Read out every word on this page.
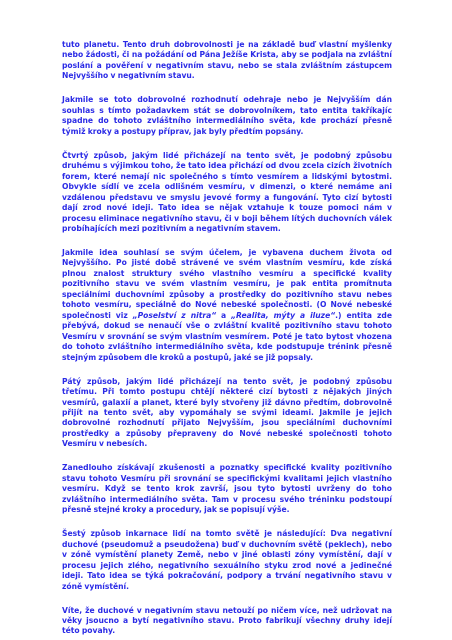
tuto planetu. Tento druh dobrovolnosti je na základě buď vlastní myšlenky nebo žádosti, či na požádání od Pána Ježíše Krista, aby se podjala na zvláštní poslání a pověření v negativním stavu, nebo se stala zvláštním zástupcem Nejvyššího v negativním stavu.

Jakmile se toto dobrovolné rozhodnutí odehraje nebo je Nejvyšším dán souhlas s tímto požadavkem stát se dobrovolníkem, tato entita takříkajíc spadne do tohoto zvláštního intermediálního světa, kde prochází přesně týmiž kroky a postupy příprav, jak byly předtím popsány.

Čtvrtý způsob, jakým lidé přicházejí na tento svět, je podobný způsobu druhému s výjimkou toho, že tato idea přichází od dvou zcela cizích životních forem, které nemají nic společného s tímto vesmírem a lidskými bytostmi. Obvykle sídlí ve zcela odlišném vesmíru, v dimenzi, o které nemáme ani vzdálenou představu ve smyslu jevové formy a fungování. Tyto cizí bytosti dají zrod nové ideji. Tato idea se nějak vztahuje k touze pomoci nám v procesu eliminace negativního stavu, či v boji během lítých duchovních válek probíhajících mezi pozitivním a negativním stavem.

Jakmile idea souhlasí se svým účelem, je vybavena duchem života od Nejvyššího. Po jisté době strávené ve svém vlastním vesmíru, kde získá plnou znalost struktury svého vlastního vesmíru a specifické kvality pozitivního stavu ve svém vlastním vesmíru, je pak entita promítnuta speciálními duchovními způsoby a prostředky do pozitivního stavu nebes tohoto vesmíru, speciálně do Nové nebeské společnosti. (O Nové nebeské společnosti viz „Poselství z nitra“ a „Realita, mýty a iluze“.) entita zde přebývá, dokud se nenaučí vše o zvláštní kvalitě pozitivního stavu tohoto Vesmíru v srovnání se svým vlastním vesmírem. Poté je tato bytost vhozena do tohoto zvláštního intermediálního světa, kde podstupuje trénink přesně stejným způsobem dle kroků a postupů, jaké se již popsaly.

Pátý způsob, jakým lidé přicházejí na tento svět, je podobný způsobu třetímu. Při tomto postupu chtějí některé cizí bytosti z nějakých jiných vesmírů, galaxií a planet, které byly stvořeny již dávno předtím, dobrovolně přijít na tento svět, aby vypomáhaly se svými ideami. Jakmile je jejich dobrovolné rozhodnutí přijato Nejvyšším, jsou speciálními duchovními prostředky a způsoby přepraveny do Nové nebeské společnosti tohoto Vesmíru v nebesích.

Zanedlouho získávají zkušenosti a poznatky specifické kvality pozitivního stavu tohoto Vesmíru při srovnání se specifickými kvalitami jejich vlastního vesmíru. Když se tento krok završí, jsou tyto bytosti uvrženy do toho zvláštního intermediálního světa. Tam v procesu svého tréninku podstoupí přesně stejné kroky a procedury, jak se popisují výše.

Šestý způsob inkarnace lidí na tomto světě je následující: Dva negativní duchové (pseudomuž a pseudožena) buď v duchovním světě (peklech), nebo v zóně vymístění planety Země, nebo v jiné oblasti zóny vymístění, dají v procesu jejich zlého, negativního sexuálního styku zrod nové a jedinečné ideji. Tato idea se týká pokračování, podpory a trvání negativního stavu v zóně vymístění.

Víte, že duchové v negativním stavu netouží po ničem více, než udržovat na věky jsoucno a bytí negativního stavu. Proto fabrikují všechny druhy idejí této povahy.
